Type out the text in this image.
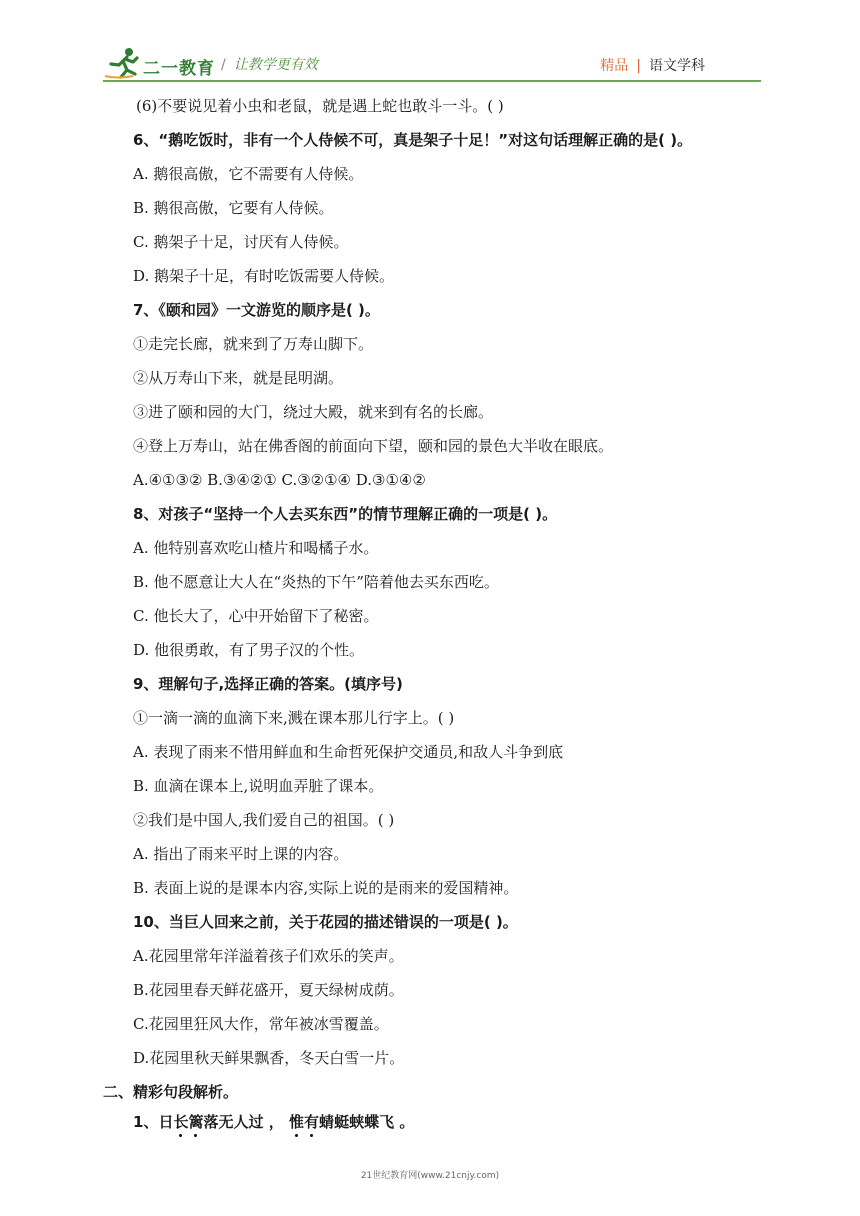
二一教育 / 让教学更有效	精品 | 语文学科
(6)不要说见着小虫和老鼠，就是遇上蛇也敢斗一斗。( )
6、“鹅吃饭时，非有一个人侍候不可，真是架子十足！”对这句话理解正确的是( )。
A. 鹅很高傲，它不需要有人侍候。
B. 鹅很高傲，它要有人侍候。
C. 鹅架子十足，讨厌有人侍候。
D. 鹅架子十足，有时吃饭需要人侍候。
7、《颐和园》一文游览的顺序是( )。
①走完长廊，就来到了万寿山脚下。
②从万寿山下来，就是昆明湖。
③进了颐和园的大门，绕过大殿，就来到有名的长廊。
④登上万寿山，站在佛香阁的前面向下望，颐和园的景色大半收在眼底。
A.④①③② B.③④②① C.③②①④ D.③①④②
8、对孩子“坚持一个人去买东西”的情节理解正确的一项是( )。
A. 他特别喜欢吃山楂片和喝橘子水。
B. 他不愿意让大人在“炎热的下午”陪着他去买东西吃。
C. 他长大了，心中开始留下了秘密。
D. 他很勇敢，有了男子汉的个性。
9、理解句子,选择正确的答案。(填序号)
①一滴一滴的血滴下来,溅在课本那儿行字上。( )
A. 表现了雨来不惜用鲜血和生命哲死保护交通员,和敌人斗争到底
B. 血滴在课本上,说明血弄脏了课本。
②我们是中国人,我们爱自己的祖国。( )
A. 指出了雨来平时上课的内容。
B. 表面上说的是课本内容,实际上说的是雨来的爱国精神。
10、当巨人回来之前，关于花园的描述错误的一项是( )。
A.花园里常年洋溢着孩子们欢乐的笑声。
B.花园里春天鲜花盛开，夏天绿树成荫。
C.花园里狂风大作，常年被冰雪覆盖。
D.花园里秋天鲜果飘香，冬天白雪一片。
二、精彩句段解析。
1、日长篱落无人过 ， 惟有蜻蜓蛱蝶飞 。
21世纪教育网(www.21cnjy.com)
